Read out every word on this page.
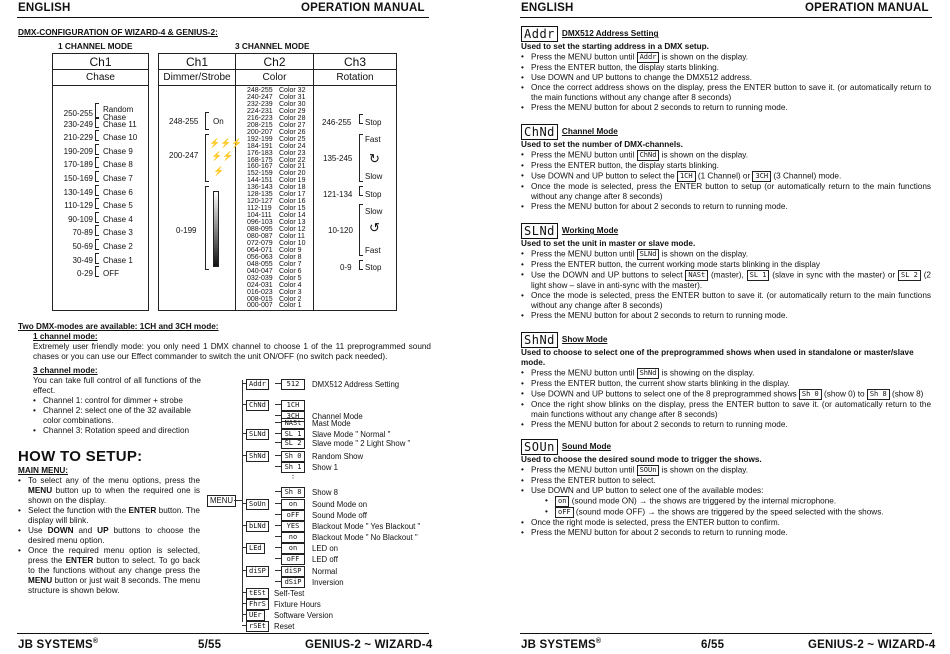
ENGLISH	OPERATION MANUAL
DMX-CONFIGURATION OF WIZARD-4 & GENIUS-2:
1 CHANNEL MODE	3 CHANNEL MODE
Ch1
Chase
250-255 Random Chase
230-249 Chase 11
210-229 Chase 10
190-209 Chase 9
170-189 Chase 8
150-169 Chase 7
130-149 Chase 6
110-129 Chase 5
90-109 Chase 4
70-89 Chase 3
50-69 Chase 2
30-49 Chase 1
0-29 OFF
Ch1	Ch2	Ch3
Dimmer/Strobe	Color	Rotation
248-255 On
⚡⚡⚡
200-247 ⚡⚡
⚡
0-199
248-255 Color 32
240-247 Color 31
232-239 Color 30
224-231 Color 29
216-223 Color 28
208-215 Color 27
200-207 Color 26
192-199 Color 25
184-191 Color 24
176-183 Color 23
168-175 Color 22
160-167 Color 21
152-159 Color 20
144-151 Color 19
136-143 Color 18
128-135 Color 17
120-127 Color 16
112-119 Color 15
104-111 Color 14
096-103 Color 13
088-095 Color 12
080-087 Color 11
072-079 Color 10
064-071 Color 9
056-063 Color 8
048-055 Color 7
040-047 Color 6
032-039 Color 5
024-031 Color 4
016-023 Color 3
008-015 Color 2
000-007 Color 1
246-255 Stop
Fast
↻
135-245
Slow
121-134 Stop
Slow
↺
10-120
Fast
0-9 Stop
Two DMX-modes are available: 1CH and 3CH mode:
1 channel mode:
Extremely user friendly mode: you only need 1 DMX channel to choose 1 of the 11 preprogrammed sound chases or you can use our Effect commander to switch the unit ON/OFF (no switch pack needed).
3 channel mode:
You can take full control of all functions of the effect.
• Channel 1: control for dimmer + strobe
• Channel 2: select one of the 32 available color combinations.
• Channel 3: Rotation speed and direction
HOW TO SETUP:
MAIN MENU:
• To select any of the menu options, press the MENU button up to when the required one is shown on the display.
• Select the function with the ENTER button. The display will blink.
• Use DOWN and UP buttons to choose the desired menu option.
• Once the required menu option is selected, press the ENTER button to select. To go back to the functions without any change press the MENU button or just wait 8 seconds. The menu structure is shown below.
MENU
Addr	512	DMX512 Address Setting
ChNd	1CH
3CH	Channel Mode
NASt	Mast Mode
SLNd	SL 1	Slave Mode " Normal "
SL 2	Slave mode " 2 Light Show "
ShNd	Sh 0	Random Show
Sh 1	Show 1
⋮
Sh 8	Show 8
SoUn	on	Sound Mode on
oFF	Sound Mode off
bLNd	YES	Blackout Mode " Yes Blackout "
no	Blackout Mode " No Blackout "
LEd	on	LED on
oFF	LED off
diSP	diSP	Normal
dSiP	Inversion
tESt	Self-Test
FhrS	Fixture Hours
UEr	Software Version
rSEt	Reset
JB SYSTEMS®	5/55	GENIUS-2 ~ WIZARD-4
ENGLISH	OPERATION MANUAL
Addr DMX512 Address Setting
Used to set the starting address in a DMX setup.
• Press the MENU button until Addr is shown on the display.
• Press the ENTER button, the display starts blinking.
• Use DOWN and UP buttons to change the DMX512 address.
• Once the correct address shows on the display, press the ENTER button to save it. (or automatically return to the main functions without any change after 8 seconds)
• Press the MENU button for about 2 seconds to return to running mode.
ChNd Channel Mode
Used to set the number of DMX-channels.
• Press the MENU button until ChNd is shown on the display.
• Press the ENTER button, the display starts blinking.
• Use DOWN and UP button to select the 1CH (1 Channel) or 3CH (3 Channel) mode.
• Once the mode is selected, press the ENTER button to setup (or automatically return to the main functions without any change after 8 seconds)
• Press the MENU button for about 2 seconds to return to running mode.
SLNd Working Mode
Used to set the unit in master or slave mode.
• Press the MENU button until SLNd is shown on the display.
• Press the ENTER button, the current working mode starts blinking in the display
• Use the DOWN and UP buttons to select NASt (master), SL 1 (slave in sync with the master) or SL 2 (2 light show – slave in anti-sync with the master).
• Once the mode is selected, press the ENTER button to save it. (or automatically return to the main functions without any change after 8 seconds)
• Press the MENU button for about 2 seconds to return to running mode.
ShNd Show Mode
Used to choose to select one of the preprogrammed shows when used in standalone or master/slave mode.
• Press the MENU button until ShNd is showing on the display.
• Press the ENTER button, the current show starts blinking in the display.
• Use DOWN and UP buttons to select one of the 8 preprogrammed shows Sh 0 (show 0) to Sh 8 (show 8)
• Once the right show blinks on the display, press the ENTER button to save it. (or automatically return to the main functions without any change after 8 seconds)
• Press the MENU button for about 2 seconds to return to running mode.
SOUn Sound Mode
Used to choose the desired sound mode to trigger the shows.
• Press the MENU button until SOUn is shown on the display.
• Press the ENTER button to select.
• Use DOWN and UP button to select one of the available modes:
• on (sound mode ON) → the shows are triggered by the internal microphone.
• oFF (sound mode OFF) → the shows are triggered by the speed selected with the shows.
• Once the right mode is selected, press the ENTER button to confirm.
• Press the MENU button for about 2 seconds to return to running mode.
JB SYSTEMS®	6/55	GENIUS-2 ~ WIZARD-4
